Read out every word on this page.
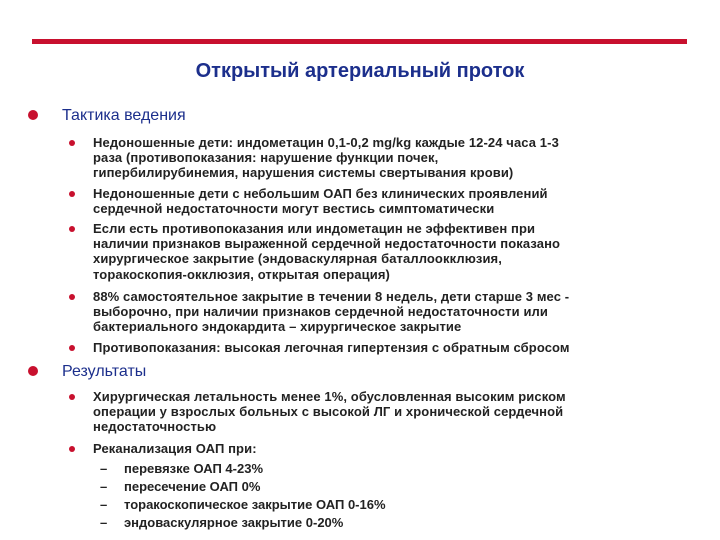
Открытый артериальный проток
Тактика ведения
Недоношенные дети: индометацин 0,1-0,2 mg/kg каждые 12-24 часа 1-3
раза (противопоказания: нарушение функции почек,
гипербилирубинемия, нарушения системы свертывания крови)
Недоношенные дети с небольшим ОАП без клинических проявлений
сердечной недостаточности могут вестись симптоматически
Если есть противопоказания или индометацин не эффективен при
наличии признаков выраженной сердечной недостаточности показано
хирургическое закрытие (эндоваскулярная баталлоокклюзия,
торакоскопия-окклюзия, открытая операция)
88% самостоятельное закрытие в течении 8 недель, дети старше 3 мес -
выборочно, при наличии признаков сердечной недостаточности или
бактериального эндокардита – хирургическое закрытие
Противопоказания: высокая легочная гипертензия с обратным сбросом
Результаты
Хирургическая летальность менее 1%, обусловленная высоким риском
операции у взрослых больных с высокой ЛГ и хронической сердечной
недостаточностью
Реканализация ОАП при:
– перевязке ОАП 4-23%
– пересечение ОАП 0%
– торакоскопическое закрытие ОАП 0-16%
– эндоваскулярное закрытие 0-20%
